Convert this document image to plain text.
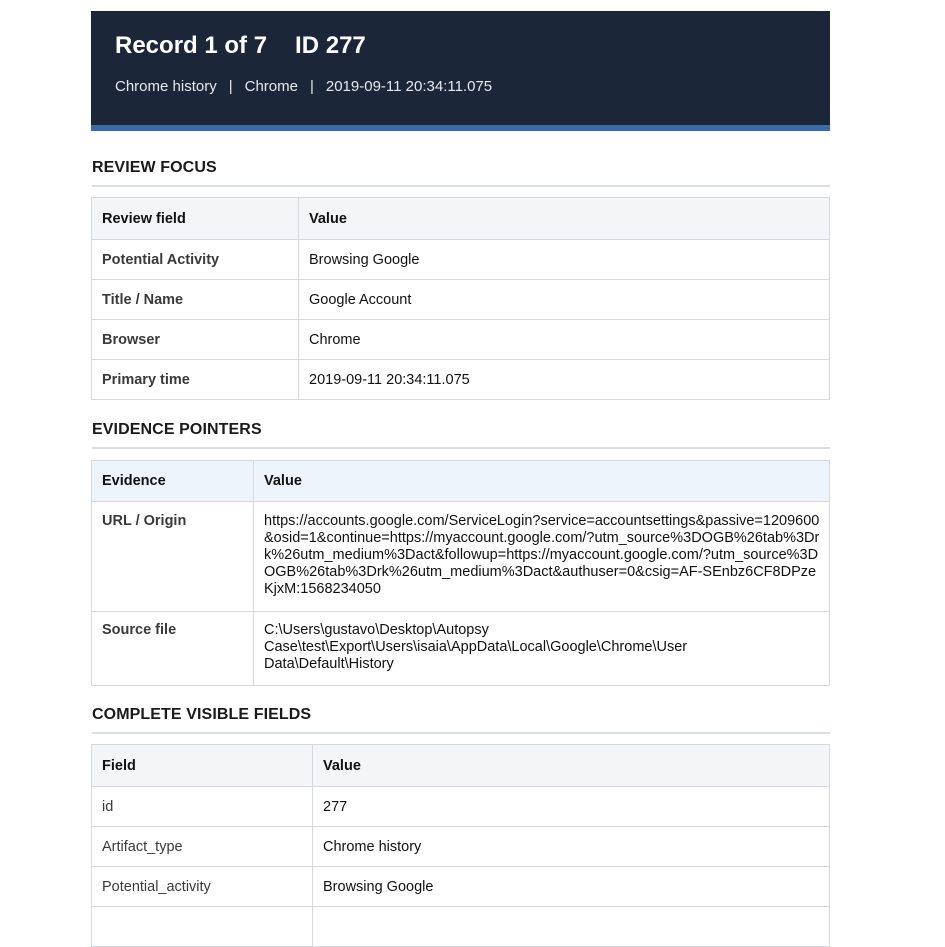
Record 1 of 7 ID 277
Chrome history | Chrome | 2019-09-11 20:34:11.075
REVIEW FOCUS
Review field	Value
Potential Activity	Browsing Google
Title / Name	Google Account
Browser	Chrome
Primary time	2019-09-11 20:34:11.075
EVIDENCE POINTERS
Evidence	Value
URL / Origin	https://accounts.google.com/ServiceLogin?service=accountsettings&passive=1209600&osid=1&continue=https://myaccount.google.com/?utm_source%3DOGB%26tab%3Drk%26utm_medium%3Dact&followup=https://myaccount.google.com/?utm_source%3DOGB%26tab%3Drk%26utm_medium%3Dact&authuser=0&csig=AF-SEnbz6CF8DPzeKjxM:1568234050
Source file	C:\Users\gustavo\Desktop\Autopsy Case\test\Export\Users\isaia\AppData\Local\Google\Chrome\User Data\Default\History
COMPLETE VISIBLE FIELDS
Field	Value
id	277
Artifact_type	Chrome history
Potential_activity	Browsing Google
